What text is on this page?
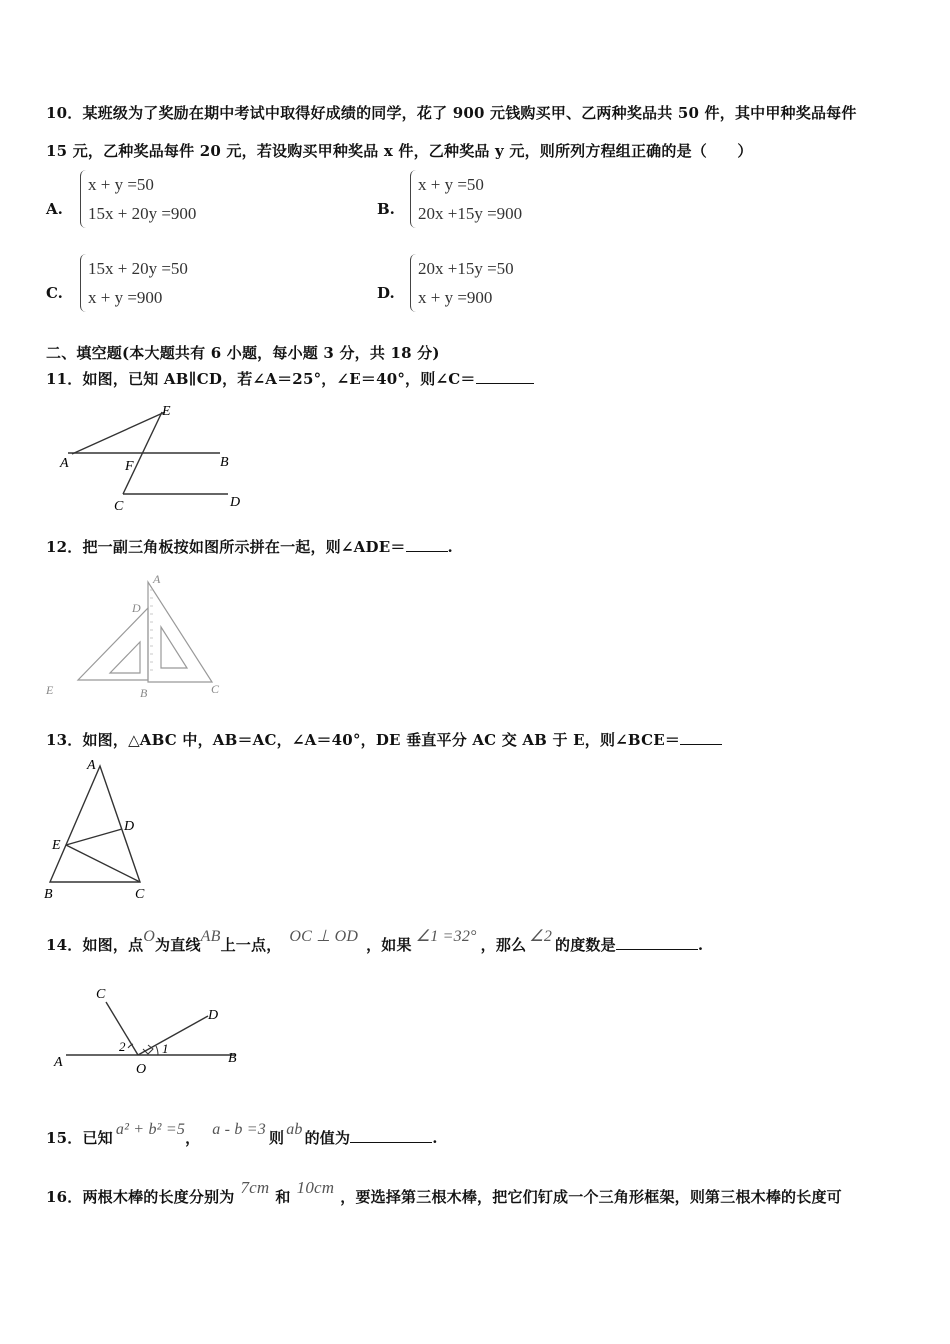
10．某班级为了奖励在期中考试中取得好成绩的同学，花了 900 元钱购买甲、乙两种奖品共 50 件，其中甲种奖品每件
15 元，乙种奖品每件 20 元，若设购买甲种奖品 x 件，乙种奖品 y 元，则所列方程组正确的是（　　）
A.
x + y =50
15x + 20y =900	B.
x + y =50
20x +15y =900
C.
15x + 20y =50
x + y =900	D.
20x +15y =50
x + y =900
二、填空题(本大题共有 6 小题，每小题 3 分，共 18 分)
11．如图，已知 AB∥CD，若∠A＝25°，∠E＝40°，则∠C＝
E
A	F	B
C	D
12．把一副三角板按如图所示拼在一起，则∠ADE＝	.
A
D
E	B	C
13．如图，△ABC 中，AB＝AC，∠A＝40°，DE 垂直平分 AC 交 AB 于 E，则∠BCE＝
A
D
E
B	C
14．如图，点O为直线AB上一点， OC ⊥ OD ，如果 ∠1 =32° ，那么 ∠2 的度数是	.
C
D
A	O
B
2	1
15．已知 a² + b² =5， a - b =3 则 ab 的值为	.
16．两根木棒的长度分别为 7cm 和 10cm ，要选择第三根木棒，把它们钉成一个三角形框架，则第三根木棒的长度可
